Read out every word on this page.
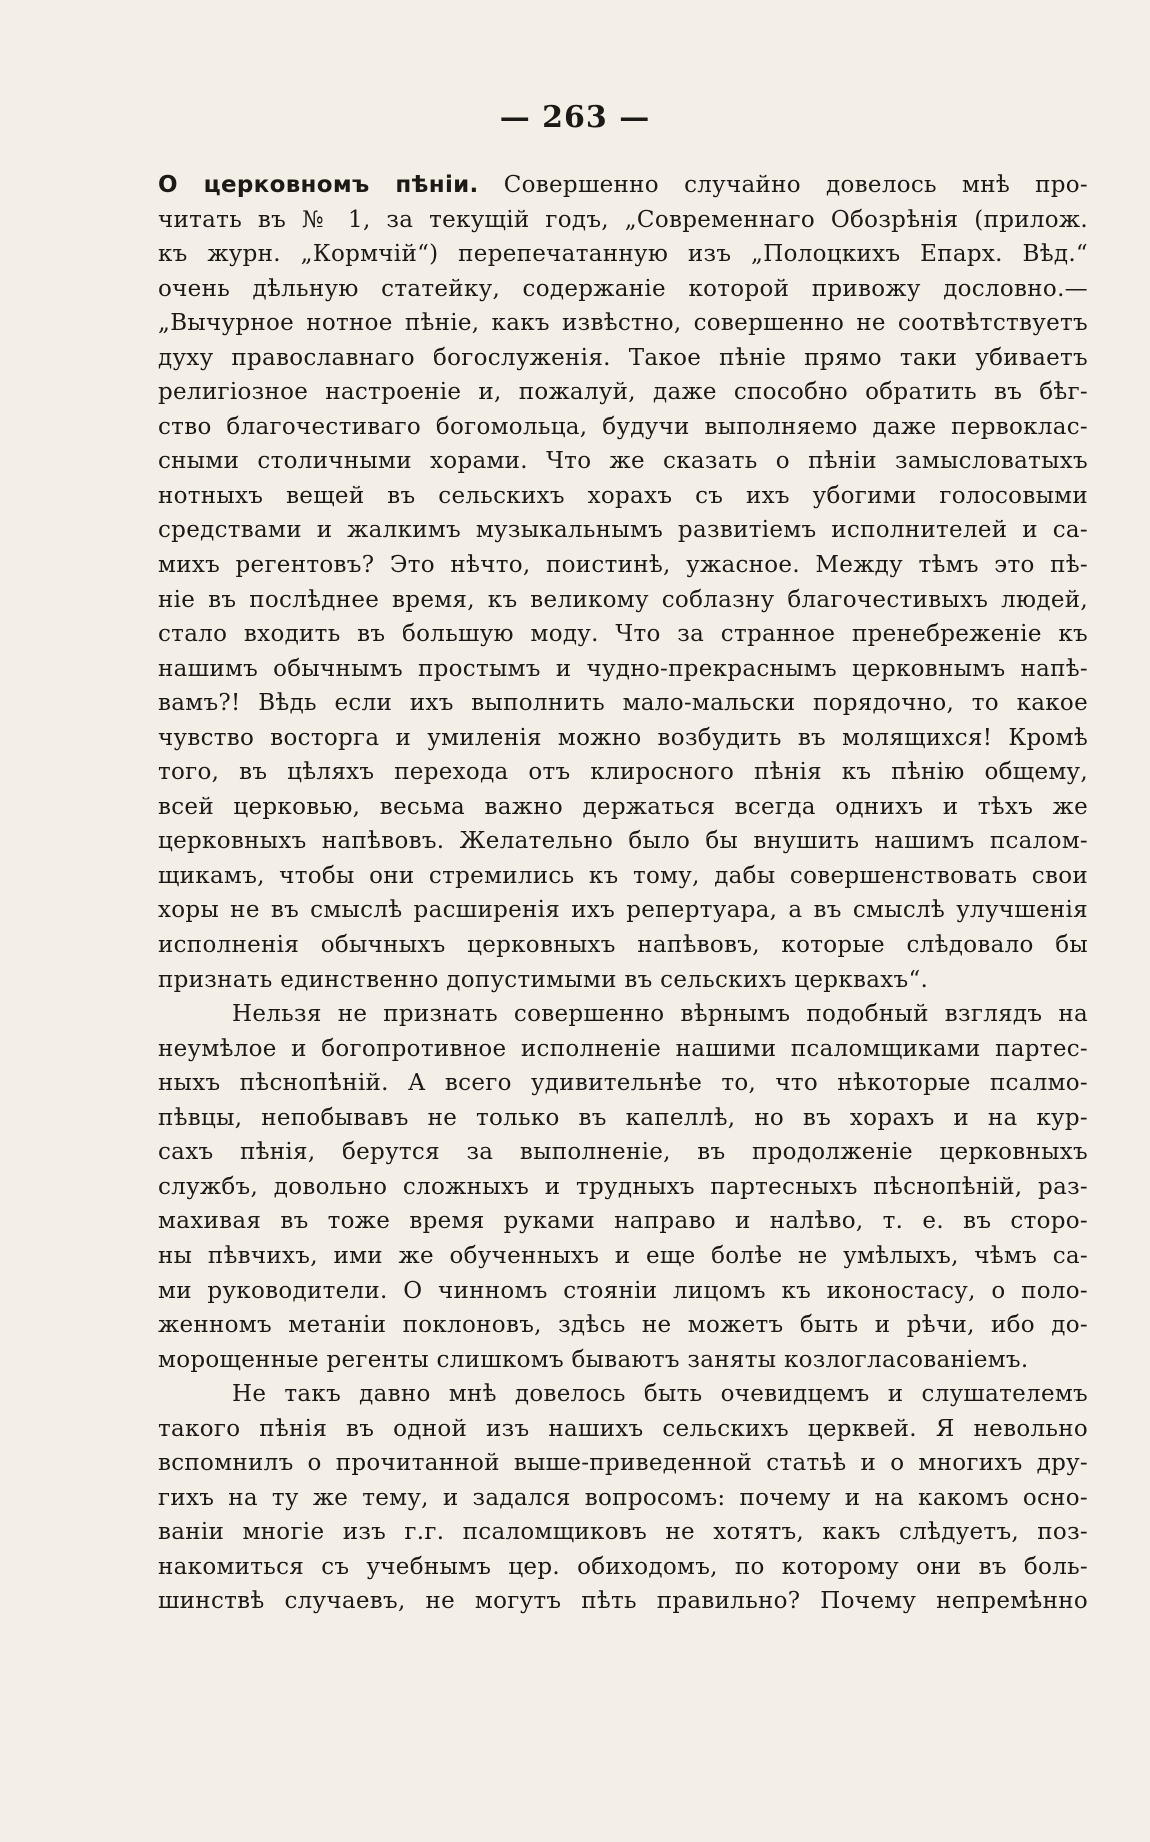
— 263 —
О церковномъ пѣніи. Совершенно случайно довелось мнѣ про-
читать въ № 1, за текущій годъ, „Современнаго Обозрѣнія (прилож.
къ журн. „Кормчій“) перепечатанную изъ „Полоцкихъ Епарх. Вѣд.“
очень дѣльную статейку, содержаніе которой привожу дословно.—
„Вычурное нотное пѣніе, какъ извѣстно, совершенно не соотвѣтствуетъ
духу православнаго богослуженія. Такое пѣніе прямо таки убиваетъ
религіозное настроеніе и, пожалуй, даже способно обратить въ бѣг-
ство благочестиваго богомольца, будучи выполняемо даже первоклас-
сными столичными хорами. Что же сказать о пѣніи замысловатыхъ
нотныхъ вещей въ сельскихъ хорахъ съ ихъ убогими голосовыми
средствами и жалкимъ музыкальнымъ развитіемъ исполнителей и са-
михъ регентовъ? Это нѣчто, поистинѣ, ужасное. Между тѣмъ это пѣ-
ніе въ послѣднее время, къ великому соблазну благочестивыхъ людей,
стало входить въ большую моду. Что за странное пренебреженіе къ
нашимъ обычнымъ простымъ и чудно-прекраснымъ церковнымъ напѣ-
вамъ?! Вѣдь если ихъ выполнить мало-мальски порядочно, то какое
чувство восторга и умиленія можно возбудить въ молящихся! Кромѣ
того, въ цѣляхъ перехода отъ клиросного пѣнія къ пѣнію общему,
всей церковью, весьма важно держаться всегда однихъ и тѣхъ же
церковныхъ напѣвовъ. Желательно было бы внушить нашимъ псалом-
щикамъ, чтобы они стремились къ тому, дабы совершенствовать свои
хоры не въ смыслѣ расширенія ихъ репертуара, а въ смыслѣ улучшенія
исполненія обычныхъ церковныхъ напѣвовъ, которые слѣдовало бы
признать единственно допустимыми въ сельскихъ церквахъ“.
Нельзя не признать совершенно вѣрнымъ подобный взглядъ на
неумѣлое и богопротивное исполненіе нашими псаломщиками партес-
ныхъ пѣснопѣній. А всего удивительнѣе то, что нѣкоторые псалмо-
пѣвцы, непобывавъ не только въ капеллѣ, но въ хорахъ и на кур-
сахъ пѣнія, берутся за выполненіе, въ продолженіе церковныхъ
службъ, довольно сложныхъ и трудныхъ партесныхъ пѣснопѣній, раз-
махивая въ тоже время руками направо и налѣво, т. е. въ сторо-
ны пѣвчихъ, ими же обученныхъ и еще болѣе не умѣлыхъ, чѣмъ са-
ми руководители. О чинномъ стояніи лицомъ къ иконостасу, о поло-
женномъ метаніи поклоновъ, здѣсь не можетъ быть и рѣчи, ибо до-
морощенные регенты слишкомъ бываютъ заняты козлогласованіемъ.
Не такъ давно мнѣ довелось быть очевидцемъ и слушателемъ
такого пѣнія въ одной изъ нашихъ сельскихъ церквей. Я невольно
вспомнилъ о прочитанной выше-приведенной статьѣ и о многихъ дру-
гихъ на ту же тему, и задался вопросомъ: почему и на какомъ осно-
ваніи многіе изъ г.г. псаломщиковъ не хотятъ, какъ слѣдуетъ, поз-
накомиться съ учебнымъ цер. обиходомъ, по которому они въ боль-
шинствѣ случаевъ, не могутъ пѣть правильно? Почему непремѣнно
